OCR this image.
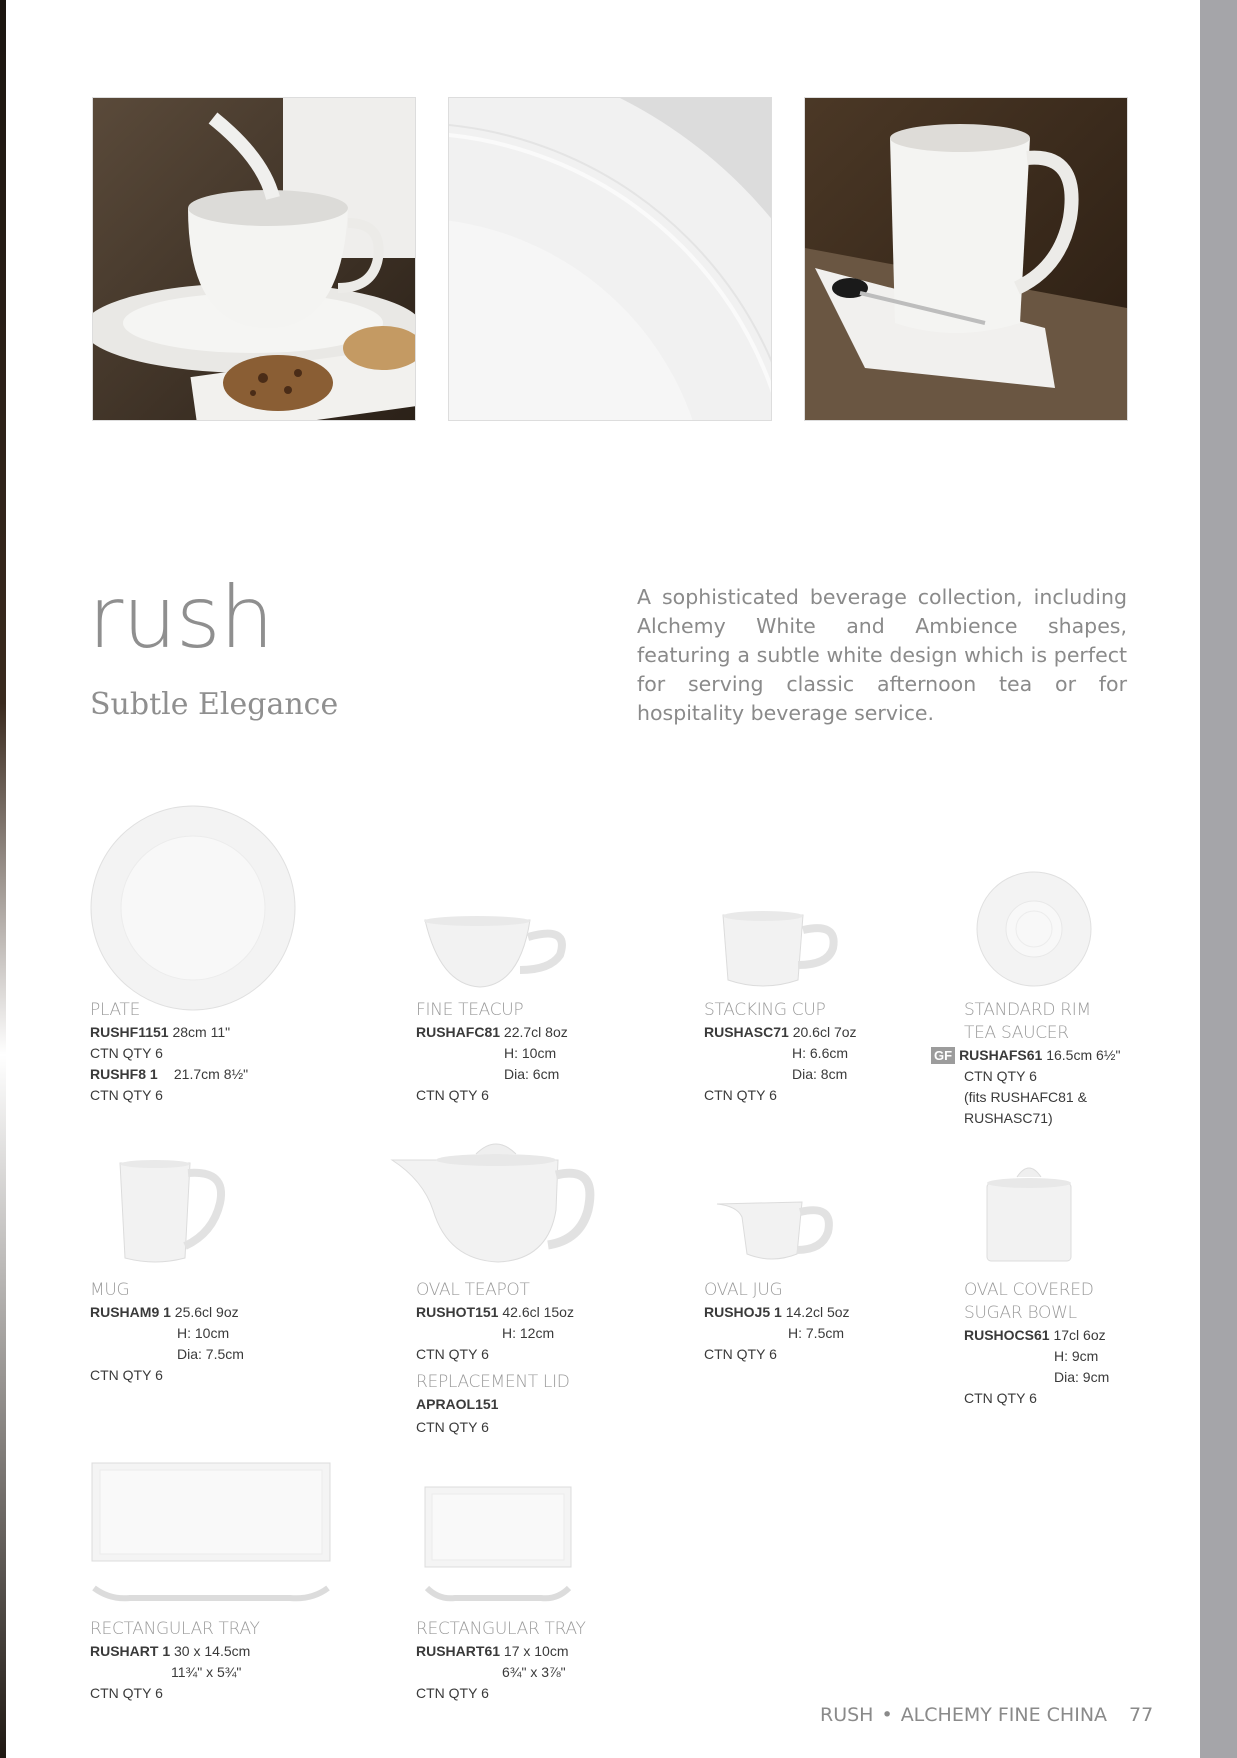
rush
Subtle Elegance
A sophisticated beverage collection, including Alchemy White and Ambience shapes, featuring a subtle white design which is perfect for serving classic afternoon tea or for hospitality beverage service.
PLATE
RUSHF1151 28cm 11"
CTN QTY 6
RUSHF8 1 21.7cm 8½"
CTN QTY 6
FINE TEACUP
RUSHAFC81 22.7cl 8oz
H: 10cm
Dia: 6cm
CTN QTY 6
STACKING CUP
RUSHASC71 20.6cl 7oz
H: 6.6cm
Dia: 8cm
CTN QTY 6
STANDARD RIM
TEA SAUCER
GF RUSHAFS61 16.5cm 6½"
CTN QTY 6
(fits RUSHAFC81 &
RUSHASC71)
MUG
RUSHAM9 1 25.6cl 9oz
H: 10cm
Dia: 7.5cm
CTN QTY 6
OVAL TEAPOT
RUSHOT151 42.6cl 15oz
H: 12cm
CTN QTY 6
REPLACEMENT LID
APRAOL151
CTN QTY 6
OVAL JUG
RUSHOJ5 1 14.2cl 5oz
H: 7.5cm
CTN QTY 6
OVAL COVERED
SUGAR BOWL
RUSHOCS61 17cl 6oz
H: 9cm
Dia: 9cm
CTN QTY 6
RECTANGULAR TRAY
RUSHART 1 30 x 14.5cm
11¾" x 5¾"
CTN QTY 6
RECTANGULAR TRAY
RUSHART61 17 x 10cm
6¾" x 3⅞"
CTN QTY 6
RUSH • ALCHEMY FINE CHINA 77
